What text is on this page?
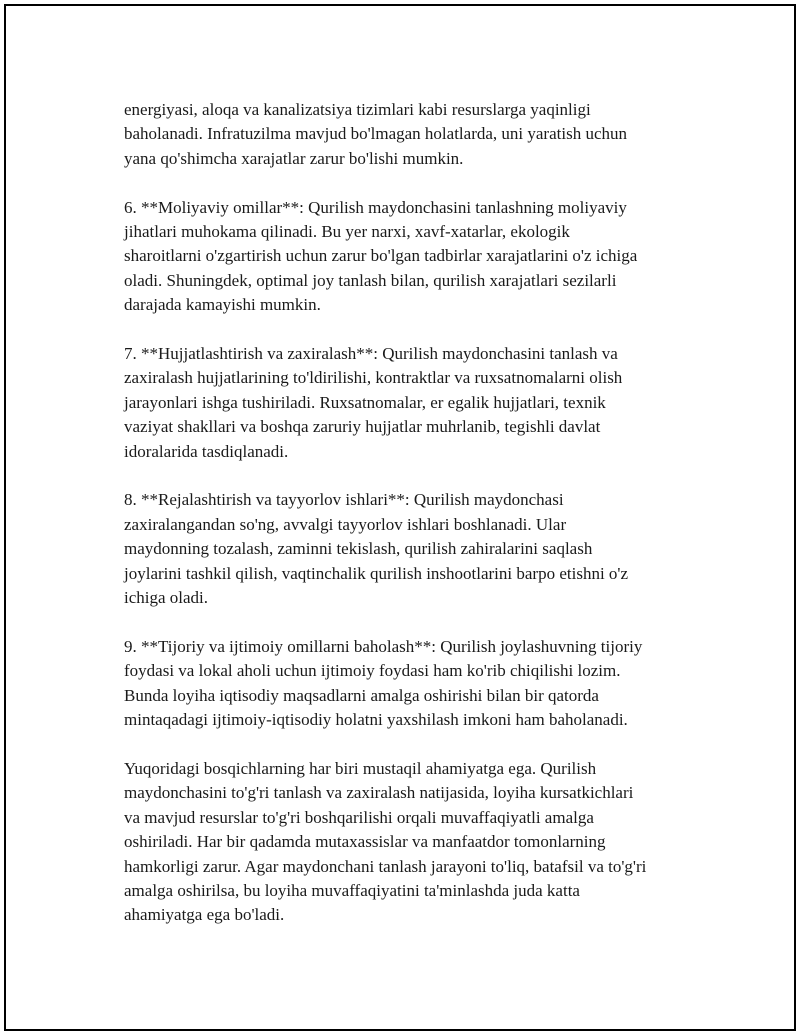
energiyasi, aloqa va kanalizatsiya tizimlari kabi resurslarga yaqinligi
baholanadi. Infratuzilma mavjud bo'lmagan holatlarda, uni yaratish uchun
yana qo'shimcha xarajatlar zarur bo'lishi mumkin.
6. **Moliyaviy omillar**: Qurilish maydonchasini tanlashning moliyaviy
jihatlari muhokama qilinadi. Bu yer narxi, xavf-xatarlar, ekologik
sharoitlarni o'zgartirish uchun zarur bo'lgan tadbirlar xarajatlarini o'z ichiga
oladi. Shuningdek, optimal joy tanlash bilan, qurilish xarajatlari sezilarli
darajada kamayishi mumkin.
7. **Hujjatlashtirish va zaxiralash**: Qurilish maydonchasini tanlash va
zaxiralash hujjatlarining to'ldirilishi, kontraktlar va ruxsatnomalarni olish
jarayonlari ishga tushiriladi. Ruxsatnomalar, er egalik hujjatlari, texnik
vaziyat shakllari va boshqa zaruriy hujjatlar muhrlanib, tegishli davlat
idoralarida tasdiqlanadi.
8. **Rejalashtirish va tayyorlov ishlari**: Qurilish maydonchasi
zaxiralangandan so'ng, avvalgi tayyorlov ishlari boshlanadi. Ular
maydonning tozalash, zaminni tekislash, qurilish zahiralarini saqlash
joylarini tashkil qilish, vaqtinchalik qurilish inshootlarini barpo etishni o'z
ichiga oladi.
9. **Tijoriy va ijtimoiy omillarni baholash**: Qurilish joylashuvning tijoriy
foydasi va lokal aholi uchun ijtimoiy foydasi ham ko'rib chiqilishi lozim.
Bunda loyiha iqtisodiy maqsadlarni amalga oshirishi bilan bir qatorda
mintaqadagi ijtimoiy-iqtisodiy holatni yaxshilash imkoni ham baholanadi.
Yuqoridagi bosqichlarning har biri mustaqil ahamiyatga ega. Qurilish
maydonchasini to'g'ri tanlash va zaxiralash natijasida, loyiha kursatkichlari
va mavjud resurslar to'g'ri boshqarilishi orqali muvaffaqiyatli amalga
oshiriladi. Har bir qadamda mutaxassislar va manfaatdor tomonlarning
hamkorligi zarur. Agar maydonchani tanlash jarayoni to'liq, batafsil va to'g'ri
amalga oshirilsa, bu loyiha muvaffaqiyatini ta'minlashda juda katta
ahamiyatga ega bo'ladi.
